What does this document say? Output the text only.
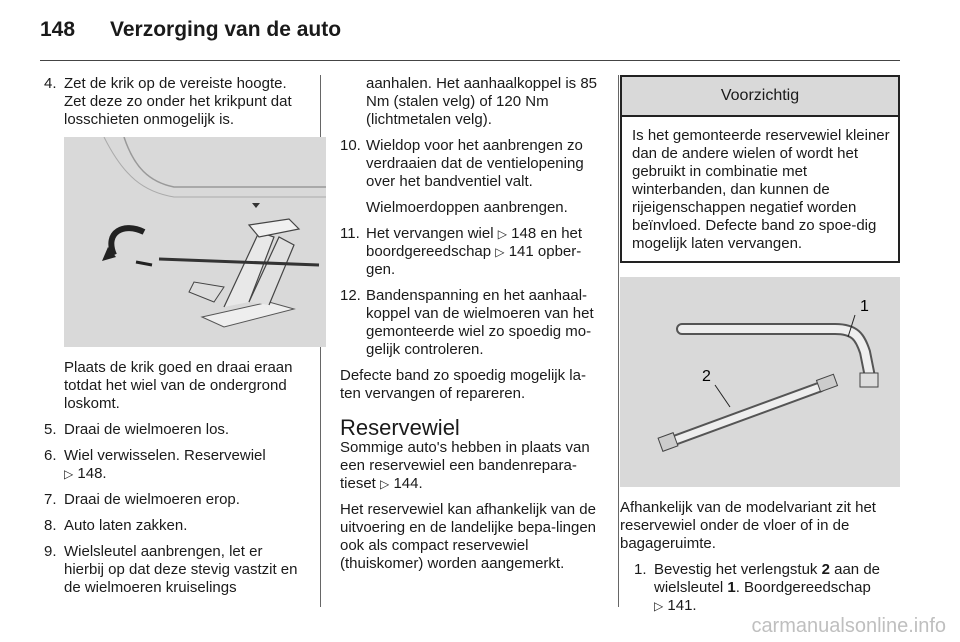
148 Verzorging van de auto
4. Zet de krik op de vereiste hoogte. Zet deze zo onder het krikpunt dat losschieten onmogelijk is.

Plaats de krik goed en draai eraan totdat het wiel van de ondergrond loskomt.

5. Draai de wielmoeren los.
6. Wiel verwisselen. Reservewiel
▷ 148.
7. Draai de wielmoeren erop.
8. Auto laten zakken.
9. Wielsleutel aanbrengen, let er hierbij op dat deze stevig vastzit en de wielmoeren kruiselings

aanhalen. Het aanhaalkoppel is 85 Nm (stalen velg) of 120 Nm (lichtmetalen velg).

10. Wieldop voor het aanbrengen zo verdraaien dat de ventielopening over het bandventiel valt.

Wielmoerdoppen aanbrengen.

11. Het vervangen wiel ▷ 148 en het boordgereedschap ▷ 141 opber-gen.
12. Bandenspanning en het aanhaal-koppel van de wielmoeren van het gemonteerde wiel zo spoedig mo-gelijk controleren.

Defecte band zo spoedig mogelijk la-ten vervangen of repareren.

Reservewiel

Sommige auto's hebben in plaats van een reservewiel een bandenrepara-tieset ▷ 144.

Het reservewiel kan afhankelijk van de uitvoering en de landelijke bepa-lingen ook als compact reservewiel (thuiskomer) worden aangemerkt.

Voorzichtig
Is het gemonteerde reservewiel kleiner dan de andere wielen of wordt het gebruikt in combinatie met winterbanden, dan kunnen de rijeigenschappen negatief worden beïnvloed. Defecte band zo spoe-dig mogelijk laten vervangen.
1
2

Afhankelijk van de modelvariant zit het reservewiel onder de vloer of in de bagageruimte.

1. Bevestig het verlengstuk 2 aan de wielsleutel 1. Boordgereedschap
▷ 141.
carmanualsonline.info
